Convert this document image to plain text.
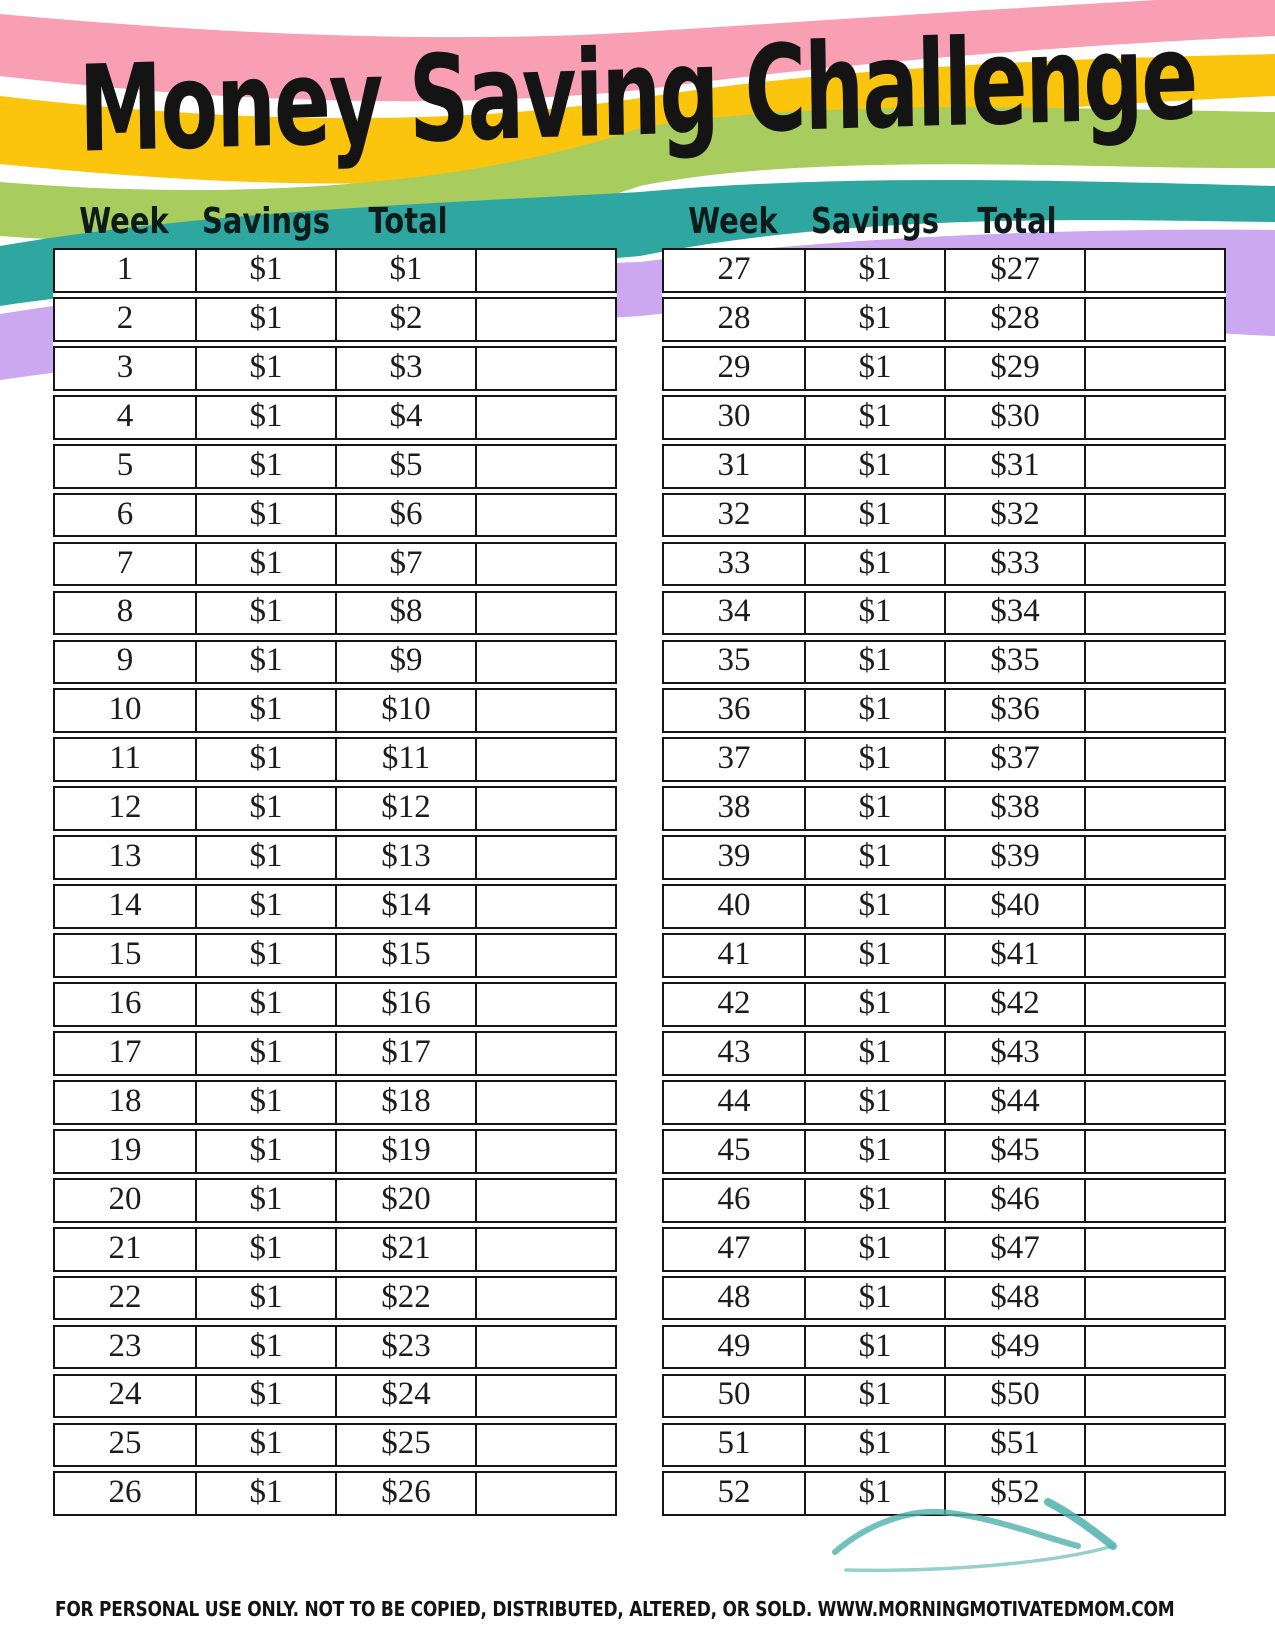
Money Saving Challenge
Week	Savings	Total	Week	Savings	Total
1	$1	$1
2	$1	$2
3	$1	$3
4	$1	$4
5	$1	$5
6	$1	$6
7	$1	$7
8	$1	$8
9	$1	$9
10	$1	$10
11	$1	$11
12	$1	$12
13	$1	$13
14	$1	$14
15	$1	$15
16	$1	$16
17	$1	$17
18	$1	$18
19	$1	$19
20	$1	$20
21	$1	$21
22	$1	$22
23	$1	$23
24	$1	$24
25	$1	$25
26	$1	$26
27	$1	$27
28	$1	$28
29	$1	$29
30	$1	$30
31	$1	$31
32	$1	$32
33	$1	$33
34	$1	$34
35	$1	$35
36	$1	$36
37	$1	$37
38	$1	$38
39	$1	$39
40	$1	$40
41	$1	$41
42	$1	$42
43	$1	$43
44	$1	$44
45	$1	$45
46	$1	$46
47	$1	$47
48	$1	$48
49	$1	$49
50	$1	$50
51	$1	$51
52	$1	$52
FOR PERSONAL USE ONLY. NOT TO BE COPIED, DISTRIBUTED, ALTERED, OR SOLD. WWW.MORNINGMOTIVATEDMOM.COM
